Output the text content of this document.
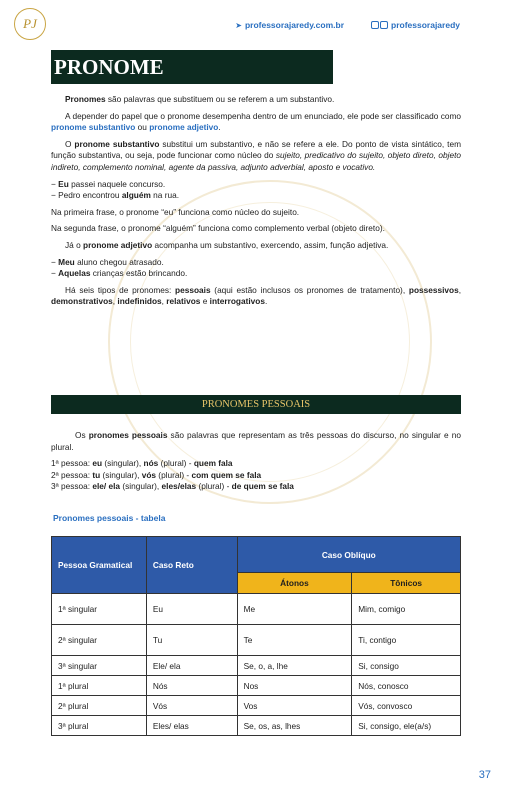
PJ	➤ professorajaredy.com.br	professorajaredy
PRONOME

Pronomes são palavras que substituem ou se referem a um substantivo.

A depender do papel que o pronome desempenha dentro de um enunciado, ele pode ser classificado como pronome substantivo ou pronome adjetivo.

O pronome substantivo substitui um substantivo, e não se refere a ele. Do ponto de vista sintático, tem função substantiva, ou seja, pode funcionar como núcleo do sujeito, predicativo do sujeito, objeto direto, objeto indireto, complemento nominal, agente da passiva, adjunto adverbial, aposto e vocativo.

− Eu passei naquele concurso.

− Pedro encontrou alguém na rua.

Na primeira frase, o pronome “eu” funciona como núcleo do sujeito.

Na segunda frase, o pronome “alguém” funciona como complemento verbal (objeto direto).

Já o pronome adjetivo acompanha um substantivo, exercendo, assim, função adjetiva.

− Meu aluno chegou atrasado.

− Aquelas crianças estão brincando.

Há seis tipos de pronomes: pessoais (aqui estão inclusos os pronomes de tratamento), possessivos, demonstrativos, indefinidos, relativos e interrogativos.

PRONOMES PESSOAIS

Os pronomes pessoais são palavras que representam as três pessoas do discurso, no singular e no plural.

1ª pessoa: eu (singular), nós (plural) - quem fala

2ª pessoa: tu (singular), vós (plural) - com quem se fala

3ª pessoa: ele/ ela (singular), eles/elas (plural) - de quem se fala

Pronomes pessoais - tabela
Pessoa Gramatical	Caso Reto	Caso Oblíquo	
		Átonos	Tônicos
1ª singular	Eu	Me	Mim, comigo
2ª singular	Tu	Te	Ti, contigo
3ª singular	Ele/ ela	Se, o, a, lhe	Si, consigo
1ª plural	Nós	Nos	Nós, conosco
2ª plural	Vós	Vos	Vós, convosco
3ª plural	Eles/ elas	Se, os, as, lhes	Si, consigo, ele(a/s)
37
